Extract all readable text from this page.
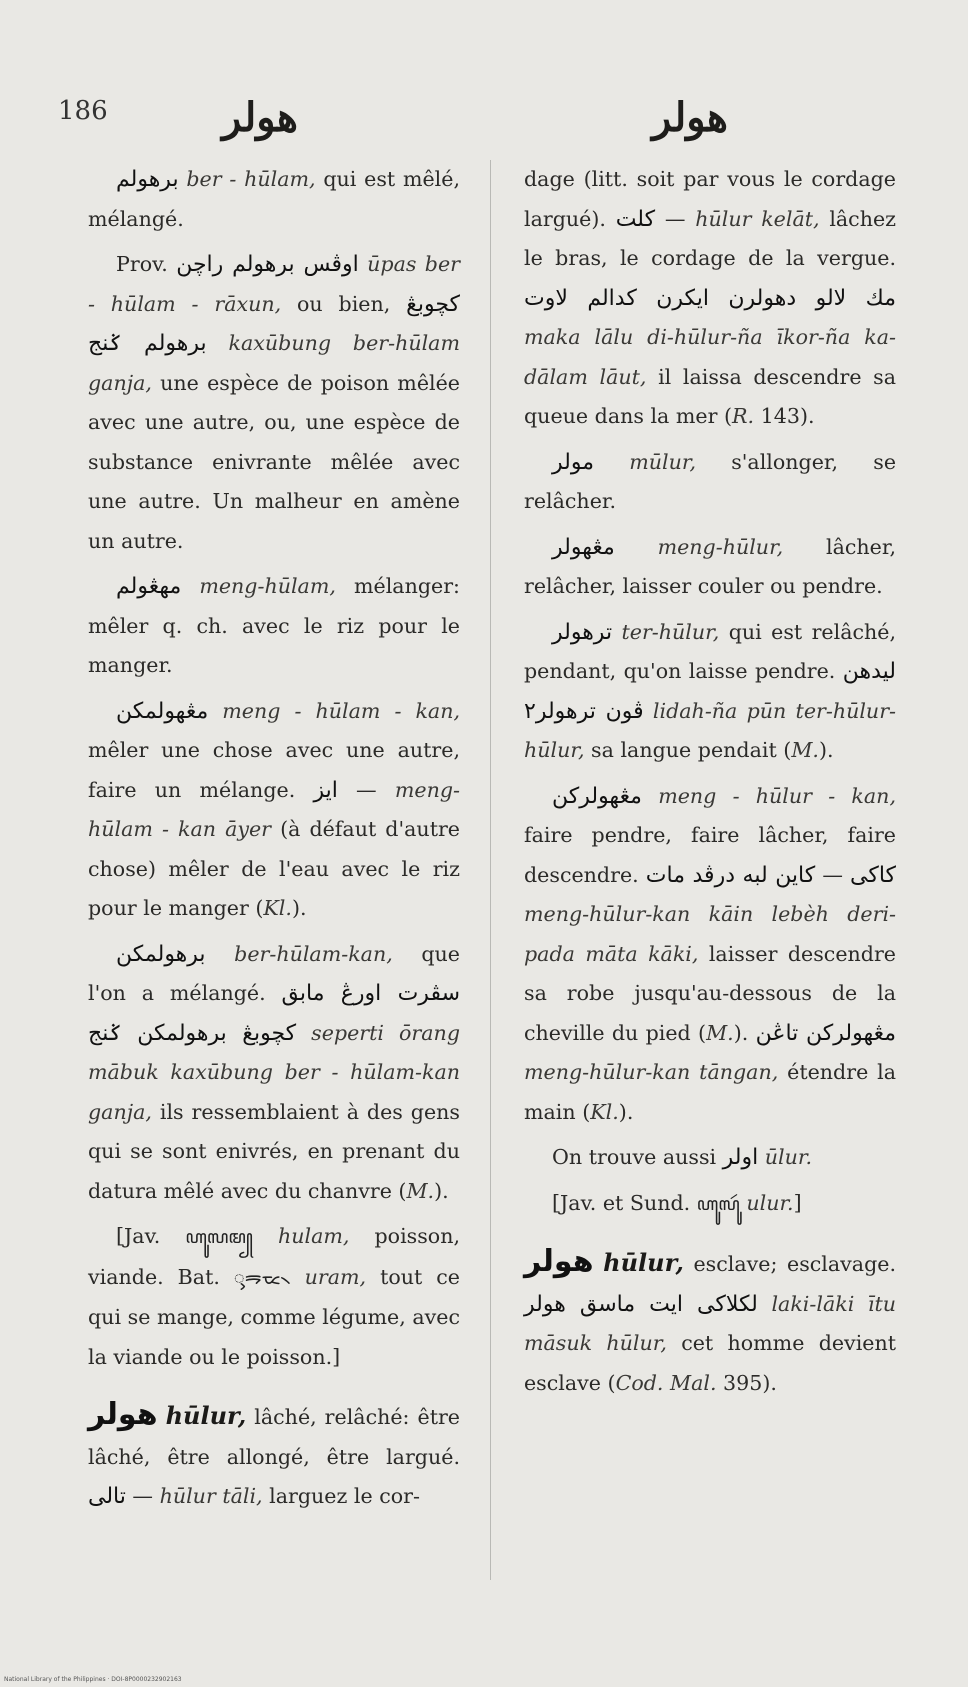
186	هولر	هولر

برهولم ber - hūlam, qui est mêlé, mélangé.

Prov. اوڤس برهولم راچن ūpas ber - hūlam - rāxun, ou bien, کچوبڠ برهولم ݢنج kaxūbung ber-hūlam ganja, une espèce de poison mêlée avec une autre, ou, une espèce de substance enivrante mêlée avec une autre. Un malheur en amène un autre.

مهڠولم meng-hūlam, mélanger: mêler q. ch. avec le riz pour le manger.

مڠهولمکن meng - hūlam - kan, mêler une chose avec une autre, faire un mélange. ايز — meng-hūlam - kan āyer (à défaut d'autre chose) mêler de l'eau avec le riz pour le manger (Kl.).

برهولمکن ber-hūlam-kan, que l'on a mélangé. سڤرت اورڠ مابق کچوبڠ برهولمکن ݢنج seperti ōrang mābuk kaxūbung ber - hūlam-kan ganja, ils ressemblaient à des gens qui se sont enivrés, en prenant du datura mêlé avec du chanvre (M.).

[Jav. ꦲꦸꦭꦩ꧀ hulam, poisson, viande. Bat. ᯮᯒᯔ᯲ uram, tout ce qui se mange, comme légume, avec la viande ou le poisson.]

هولر hūlur, lâché, relâché: être lâché, être allongé, être largué. تالی — hūlur tāli, larguez le cor-

dage (litt. soit par vous le cordage largué). کلت — hūlur kelāt, lâchez le bras, le cordage de la vergue. مك لالو دهولرن ايکرن کدالم لاوت maka lālu di-hūlur-ña īkor-ña ka-dālam lāut, il laissa descendre sa queue dans la mer (R. 143).

مولر mūlur, s'allonger, se relâcher.

مڠهولر meng-hūlur, lâcher, relâcher, laisser couler ou pendre.

ترهولر ter-hūlur, qui est relâché, pendant, qu'on laisse pendre. ليدهن ڤون ترهولر٢ lidah-ña pūn ter-hūlur-hūlur, sa langue pendait (M.).

مڠهولرکن meng - hūlur - kan, faire pendre, faire lâcher, faire descendre. کاين لبه درڤد مات — کاکی meng-hūlur-kan kāin lebèh deri-pada māta kāki, laisser descendre sa robe jusqu'au-dessous de la cheville du pied (M.). مڠهولرکن تاڠن meng-hūlur-kan tāngan, étendre la main (Kl.).

On trouve aussi اولر ūlur.

[Jav. et Sund. ꦲꦸꦭꦸꦂ ulur.]

هولر hūlur, esclave; esclavage. لکلاکی ايت ماسق هولر laki-lāki ītu māsuk hūlur, cet homme devient esclave (Cod. Mal. 395).

National Library of the Philippines · DOI-8P0000232902163
